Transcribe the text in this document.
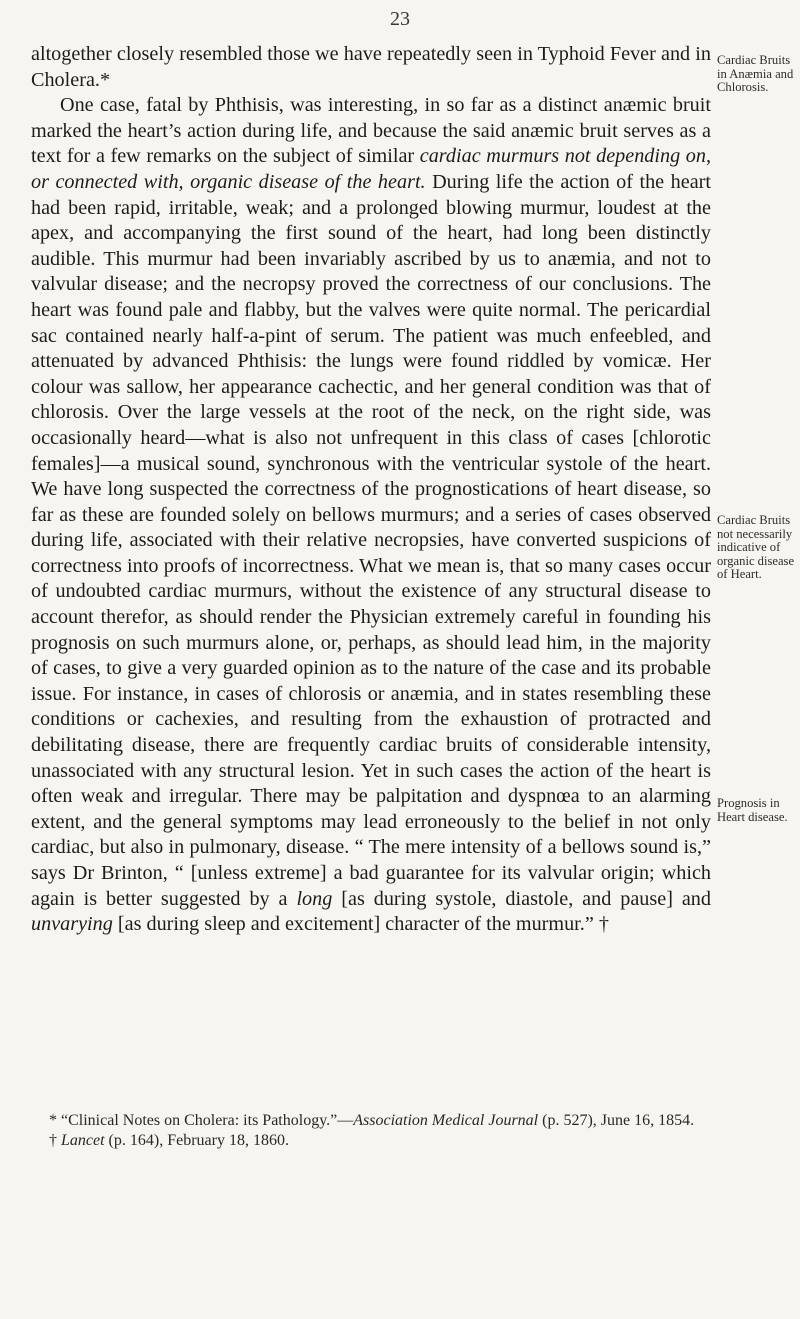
23

altogether closely resembled those we have repeatedly seen in Typhoid Fever and in Cholera.*

One case, fatal by Phthisis, was interesting, in so far as a distinct anæmic bruit marked the heart’s action during life, and because the said anæmic bruit serves as a text for a few remarks on the subject of similar cardiac murmurs not depending on, or connected with, organic disease of the heart. During life the action of the heart had been rapid, irritable, weak; and a prolonged blowing murmur, loudest at the apex, and accompanying the first sound of the heart, had long been distinctly audible. This murmur had been invariably ascribed by us to anæmia, and not to valvular disease; and the necropsy proved the correctness of our conclusions. The heart was found pale and flabby, but the valves were quite normal. The pericardial sac contained nearly half-a-pint of serum. The patient was much enfeebled, and attenuated by advanced Phthisis: the lungs were found riddled by vomicæ. Her colour was sallow, her appearance cachectic, and her general condition was that of chlorosis. Over the large vessels at the root of the neck, on the right side, was occasionally heard—what is also not unfrequent in this class of cases [chlorotic females]—a musical sound, synchronous with the ventricular systole of the heart. We have long suspected the correctness of the prognostications of heart disease, so far as these are founded solely on bellows murmurs; and a series of cases observed during life, associated with their relative necropsies, have converted suspicions of correctness into proofs of incorrectness. What we mean is, that so many cases occur of undoubted cardiac murmurs, without the existence of any structural disease to account therefor, as should render the Physician extremely careful in founding his prognosis on such murmurs alone, or, perhaps, as should lead him, in the majority of cases, to give a very guarded opinion as to the nature of the case and its probable issue. For instance, in cases of chlorosis or anæmia, and in states resembling these conditions or cachexies, and resulting from the exhaustion of protracted and debilitating disease, there are frequently cardiac bruits of considerable intensity, unassociated with any structural lesion. Yet in such cases the action of the heart is often weak and irregular. There may be palpitation and dyspnœa to an alarming extent, and the general symptoms may lead erroneously to the belief in not only cardiac, but also in pulmonary, disease. “ The mere intensity of a bellows sound is,” says Dr Brinton, “ [unless extreme] a bad guarantee for its valvular origin; which again is better suggested by a long [as during systole, diastole, and pause] and unvarying [as during sleep and excitement] character of the murmur.” †

Cardiac Bruits in Anæmia and Chlorosis.
Cardiac Bruits not necessarily indicative of organic disease of Heart.
Prognosis in Heart disease.

* “Clinical Notes on Cholera: its Pathology.”—Association Medical Journal (p. 527), June 16, 1854.

† Lancet (p. 164), February 18, 1860.
